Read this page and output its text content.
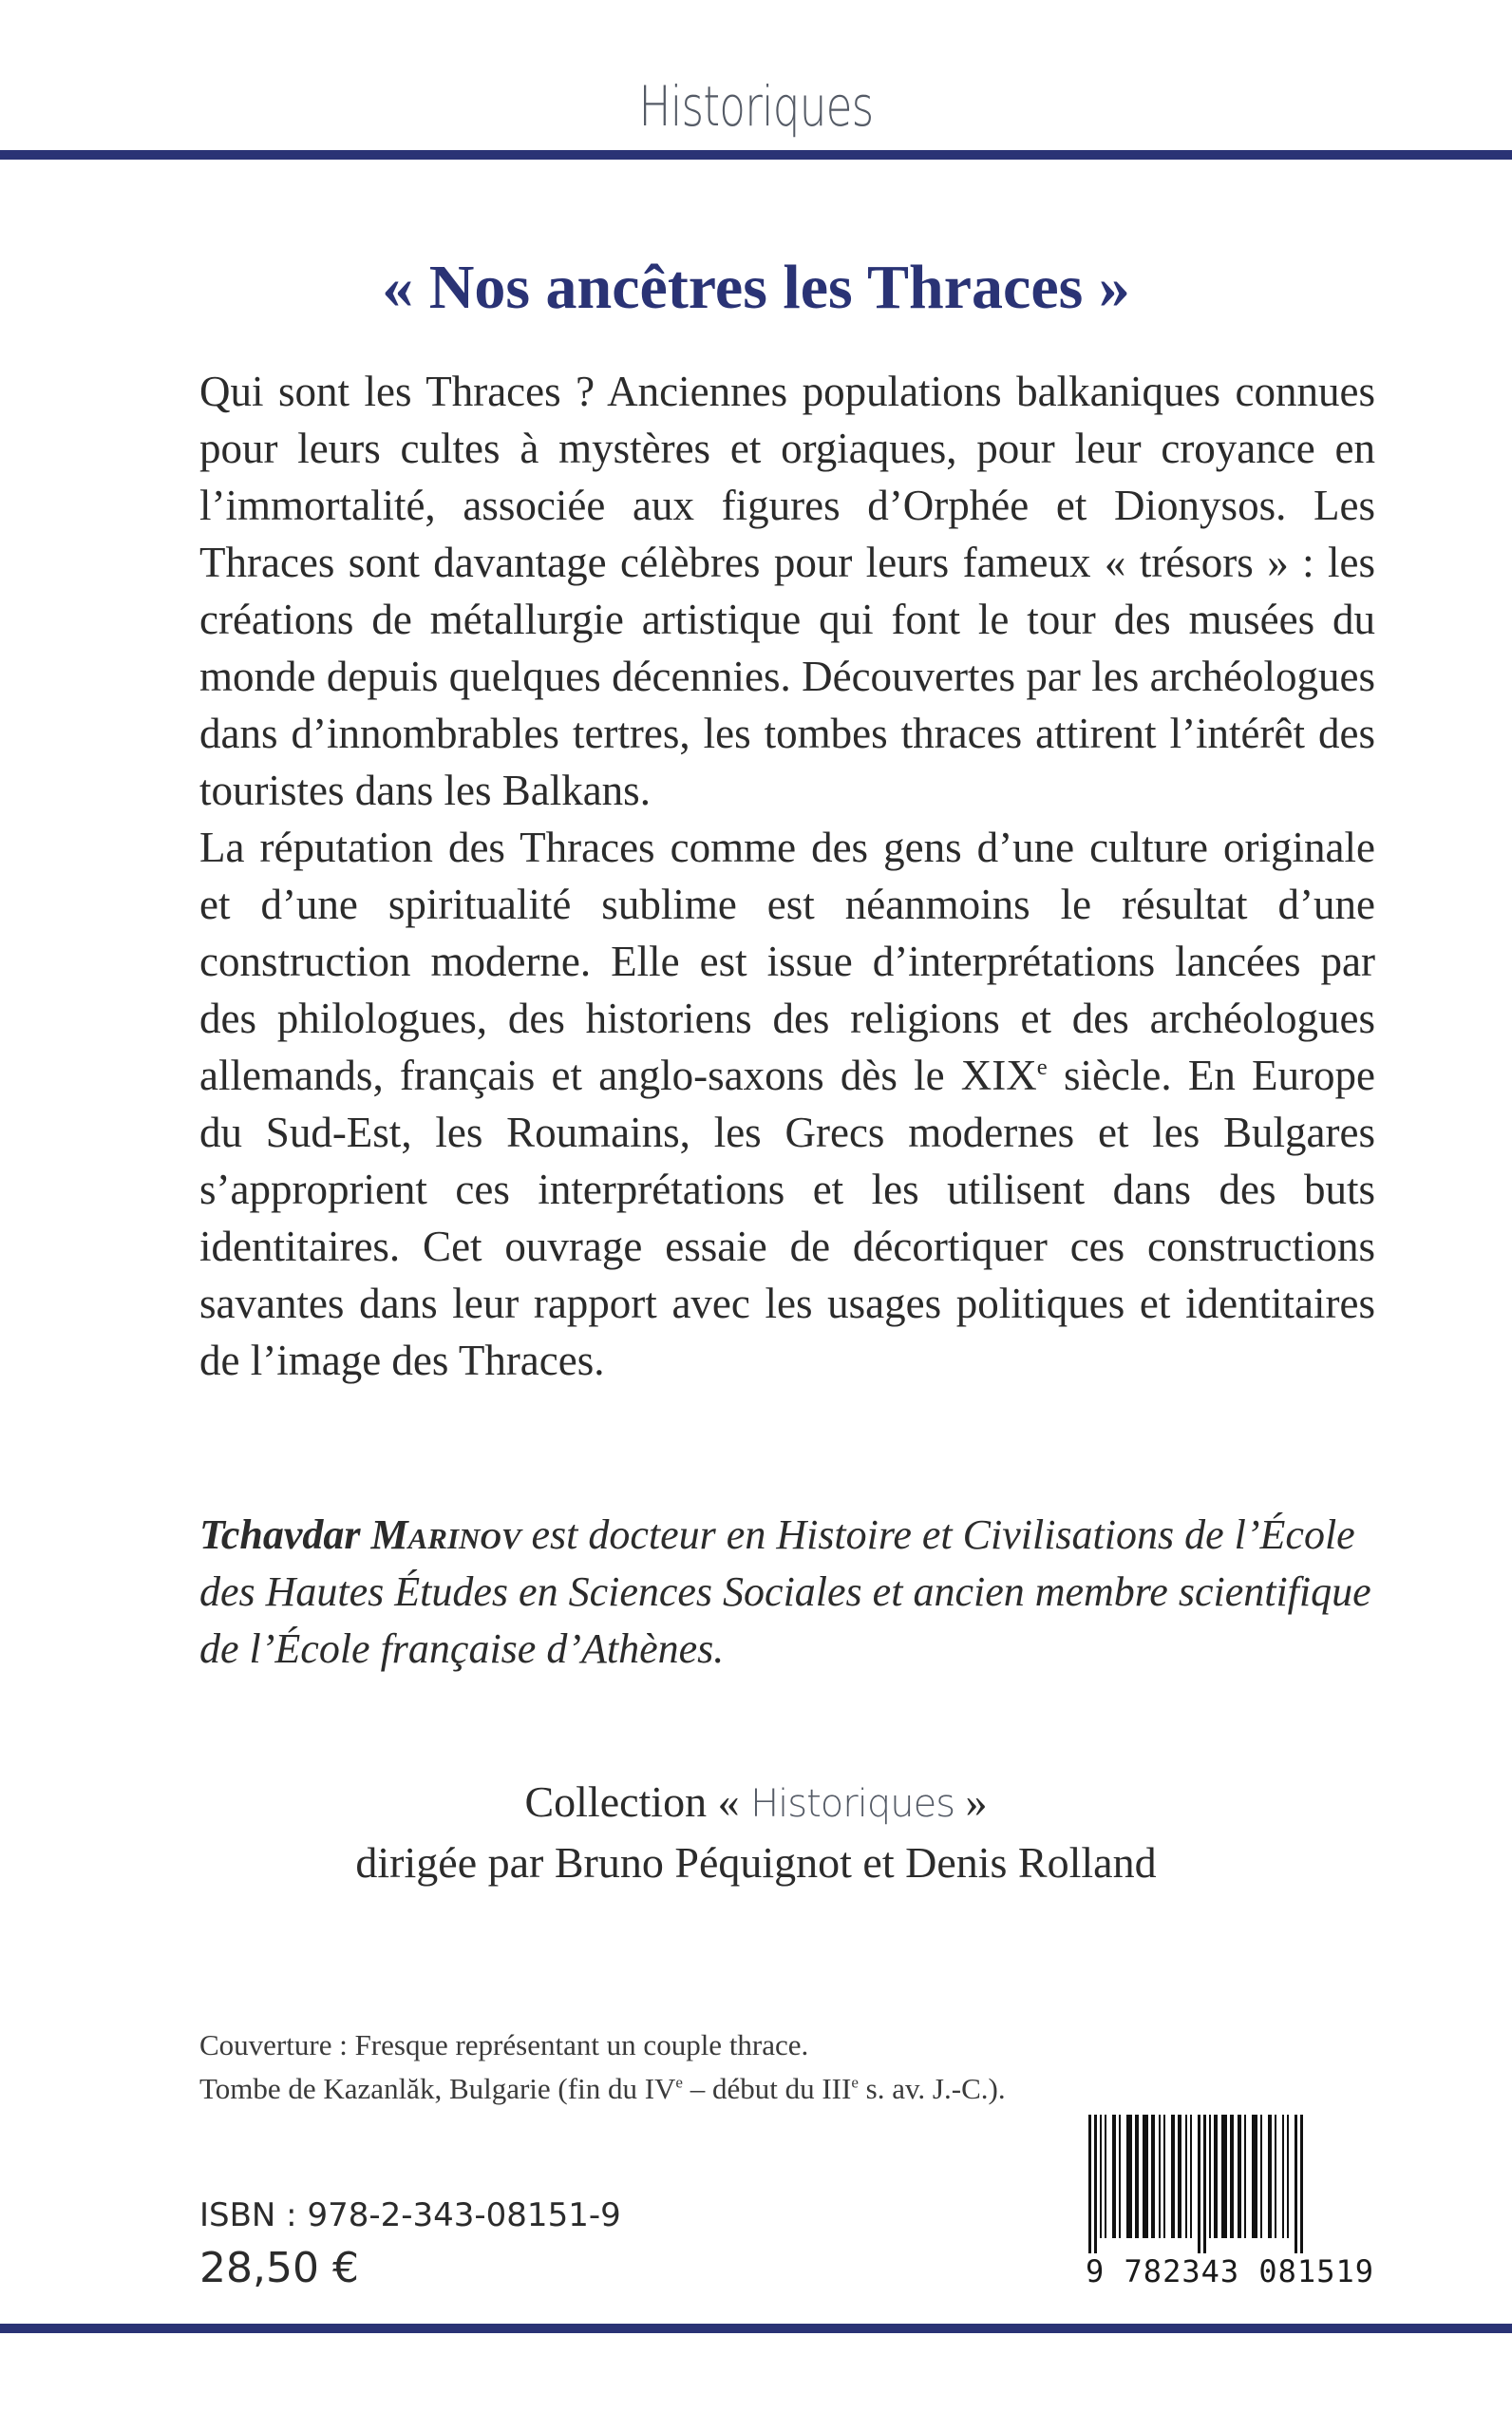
Historiques
« Nos ancêtres les Thraces »

Qui sont les Thraces ? Anciennes populations balkaniques connues pour leurs cultes à mystères et orgiaques, pour leur croyance en l’immortalité, associée aux figures d’Orphée et Dionysos. Les Thraces sont davantage célèbres pour leurs fameux « trésors » : les créations de métallurgie artistique qui font le tour des musées du monde depuis quelques décennies. Découvertes par les archéologues dans d’innombrables tertres, les tombes thraces attirent l’intérêt des touristes dans les Balkans.

La réputation des Thraces comme des gens d’une culture originale et d’une spiritualité sublime est néanmoins le résultat d’une construction moderne. Elle est issue d’interprétations lancées par des philologues, des historiens des religions et des archéologues allemands, français et anglo-saxons dès le XIXe siècle. En Europe du Sud-Est, les Roumains, les Grecs modernes et les Bulgares s’approprient ces interprétations et les utilisent dans des buts identitaires. Cet ouvrage essaie de décortiquer ces constructions savantes dans leur rapport avec les usages politiques et identitaires de l’image des Thraces.

Tchavdar Marinov est docteur en Histoire et Civilisations de l’École des Hautes Études en Sciences Sociales et ancien membre scientifique de l’École française d’Athènes.
Collection « Historiques »
dirigée par Bruno Péquignot et Denis Rolland
Couverture : Fresque représentant un couple thrace.
Tombe de Kazanlăk, Bulgarie (fin du IVe – début du IIIe s. av. J.-C.).
ISBN : 978-2-343-08151-9
28,50 €	9 782343 081519
